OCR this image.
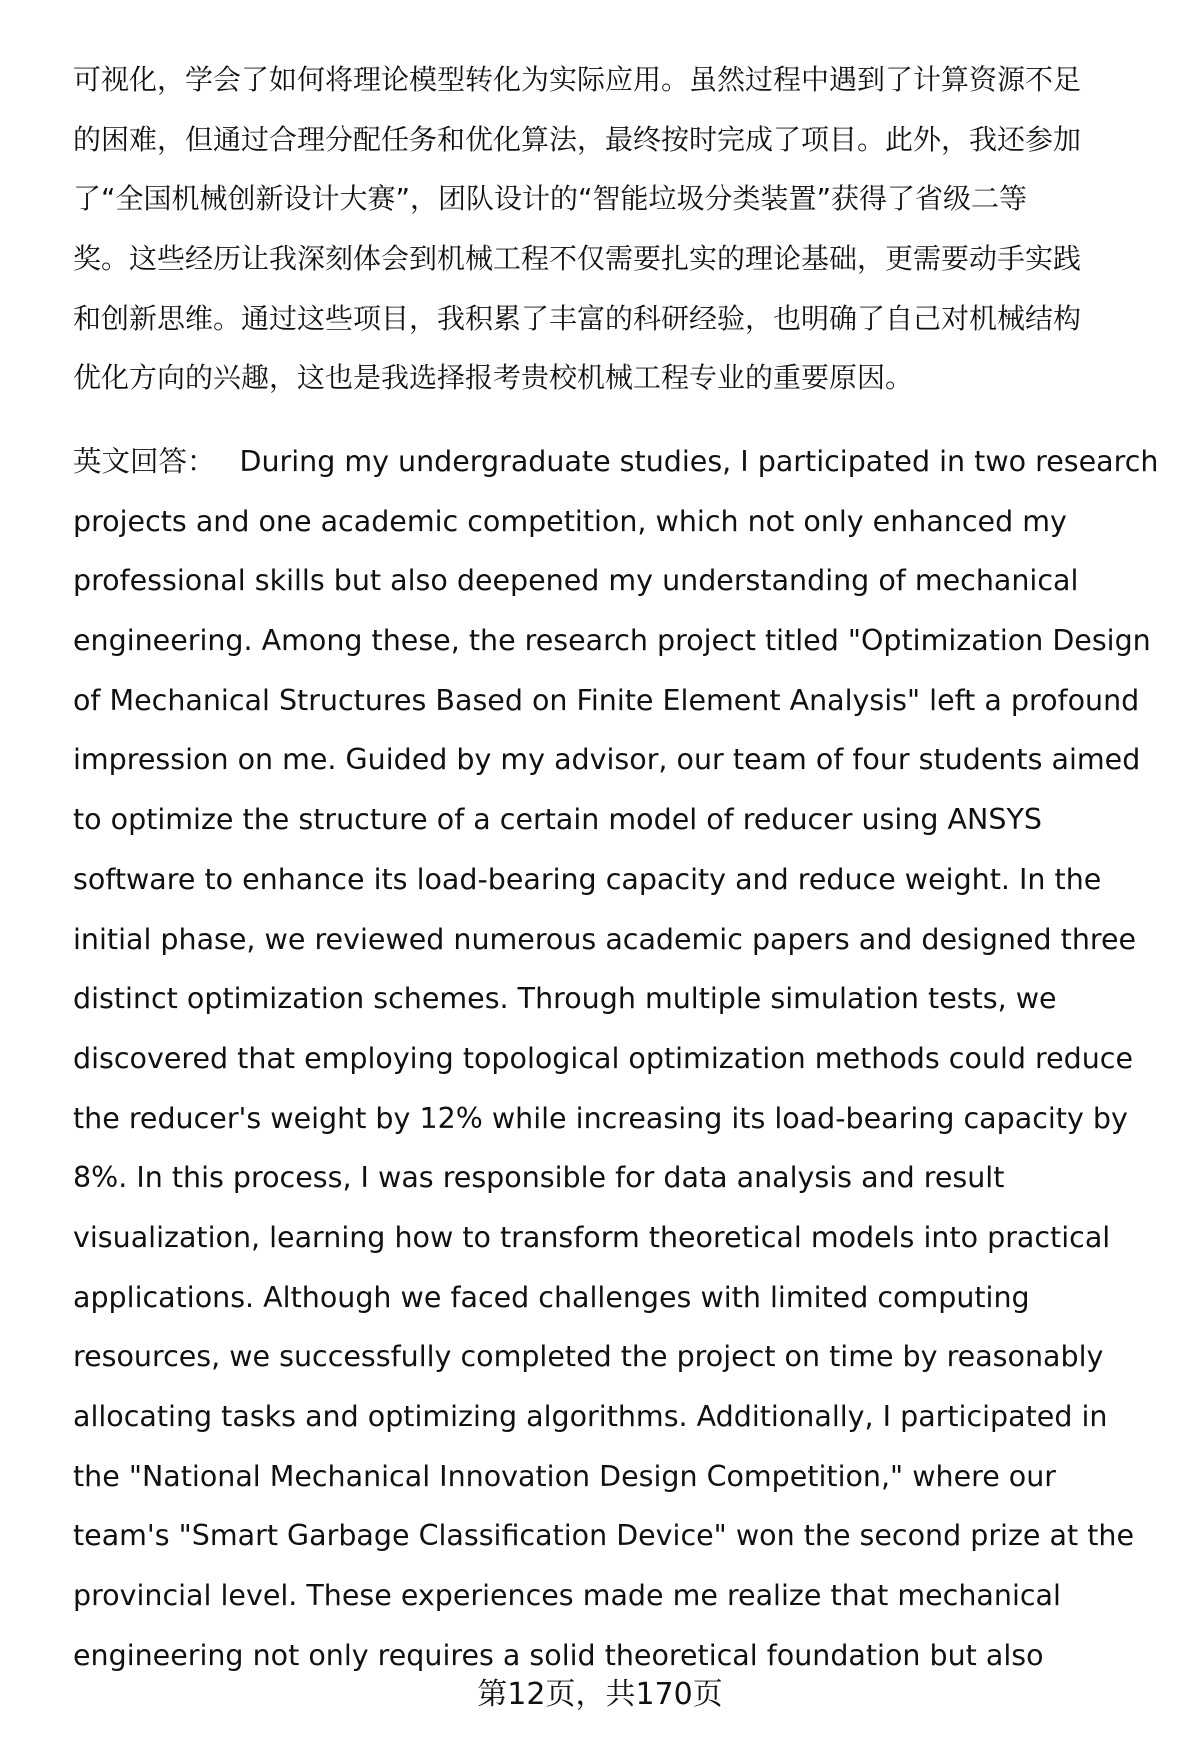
可视化，学会了如何将理论模型转化为实际应用。虽然过程中遇到了计算资源不足
的困难，但通过合理分配任务和优化算法，最终按时完成了项目。此外，我还参加
了“全国机械创新设计大赛”，团队设计的“智能垃圾分类装置”获得了省级二等
奖。这些经历让我深刻体会到机械工程不仅需要扎实的理论基础，更需要动手实践
和创新思维。通过这些项目，我积累了丰富的科研经验，也明确了自己对机械结构
优化方向的兴趣，这也是我选择报考贵校机械工程专业的重要原因。
英文回答： During my undergraduate studies, I participated in two research
projects and one academic competition, which not only enhanced my
professional skills but also deepened my understanding of mechanical
engineering. Among these, the research project titled "Optimization Design
of Mechanical Structures Based on Finite Element Analysis" left a profound
impression on me. Guided by my advisor, our team of four students aimed
to optimize the structure of a certain model of reducer using ANSYS
software to enhance its load-bearing capacity and reduce weight. In the
initial phase, we reviewed numerous academic papers and designed three
distinct optimization schemes. Through multiple simulation tests, we
discovered that employing topological optimization methods could reduce
the reducer's weight by 12% while increasing its load-bearing capacity by
8%. In this process, I was responsible for data analysis and result
visualization, learning how to transform theoretical models into practical
applications. Although we faced challenges with limited computing
resources, we successfully completed the project on time by reasonably
allocating tasks and optimizing algorithms. Additionally, I participated in
the "National Mechanical Innovation Design Competition," where our
team's "Smart Garbage Classification Device" won the second prize at the
provincial level. These experiences made me realize that mechanical
engineering not only requires a solid theoretical foundation but also
第12页，共170页
